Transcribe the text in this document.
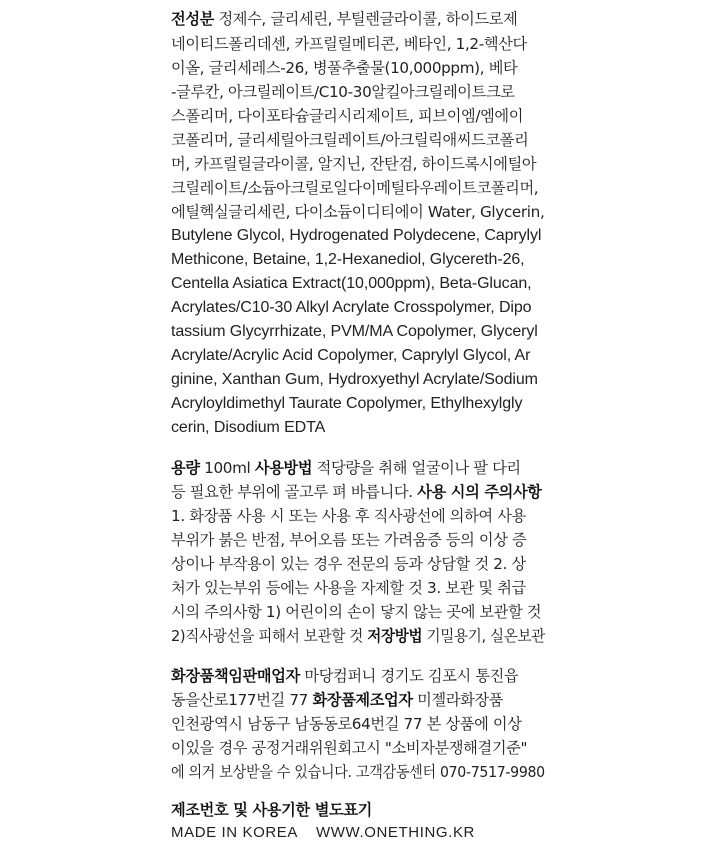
전성분 정제수, 글리세린, 부틸렌글라이콜, 하이드로제
네이티드폴리데센, 카프릴릴메티콘, 베타인, 1,2-헥산다
이올, 글리세레스-26, 병풀추출물(10,000ppm), 베타
-글루칸, 아크릴레이트/C10-30알킬아크릴레이트크로
스폴리머, 다이포타슘글리시리제이트, 피브이엠/엠에이
코폴리머, 글리세릴아크릴레이트/아크릴릭애씨드코폴리
머, 카프릴릴글라이콜, 알지닌, 잔탄검, 하이드록시에틸아
크릴레이트/소듐아크릴로일다이메틸타우레이트코폴리머,
에틸헥실글리세린, 다이소듐이디티에이 Water, Glycerin,
Butylene Glycol, Hydrogenated Polydecene, Caprylyl
Methicone, Betaine, 1,2-Hexanediol, Glycereth-26,
Centella Asiatica Extract(10,000ppm), Beta-Glucan,
Acrylates/C10-30 Alkyl Acrylate Crosspolymer, Dipo
tassium Glycyrrhizate, PVM/MA Copolymer, Glyceryl
Acrylate/Acrylic Acid Copolymer, Caprylyl Glycol, Ar
ginine, Xanthan Gum, Hydroxyethyl Acrylate/Sodium
Acryloyldimethyl Taurate Copolymer, Ethylhexylgly
cerin, Disodium EDTA
용량 100ml 사용방법 적당량을 취해 얼굴이나 팔 다리
등 필요한 부위에 골고루 펴 바릅니다. 사용 시의 주의사항
1. 화장품 사용 시 또는 사용 후 직사광선에 의하여 사용
부위가 붉은 반점, 부어오름 또는 가려움증 등의 이상 증
상이나 부작용이 있는 경우 전문의 등과 상담할 것 2. 상
처가 있는부위 등에는 사용을 자제할 것 3. 보관 및 취급
시의 주의사항 1) 어린이의 손이 닿지 않는 곳에 보관할 것
2)직사광선을 피해서 보관할 것 저장방법 기밀용기, 실온보관
화장품책임판매업자 마당컴퍼니 경기도 김포시 통진읍
동을산로177번길 77 화장품제조업자 미젤라화장품
인천광역시 남동구 남동동로64번길 77 본 상품에 이상
이있을 경우 공정거래위원회고시 "소비자분쟁해결기준"
에 의거 보상받을 수 있습니다. 고객감동센터 070-7517-9980
제조번호 및 사용기한 별도표기
MADE IN KOREA WWW.ONETHING.KR
